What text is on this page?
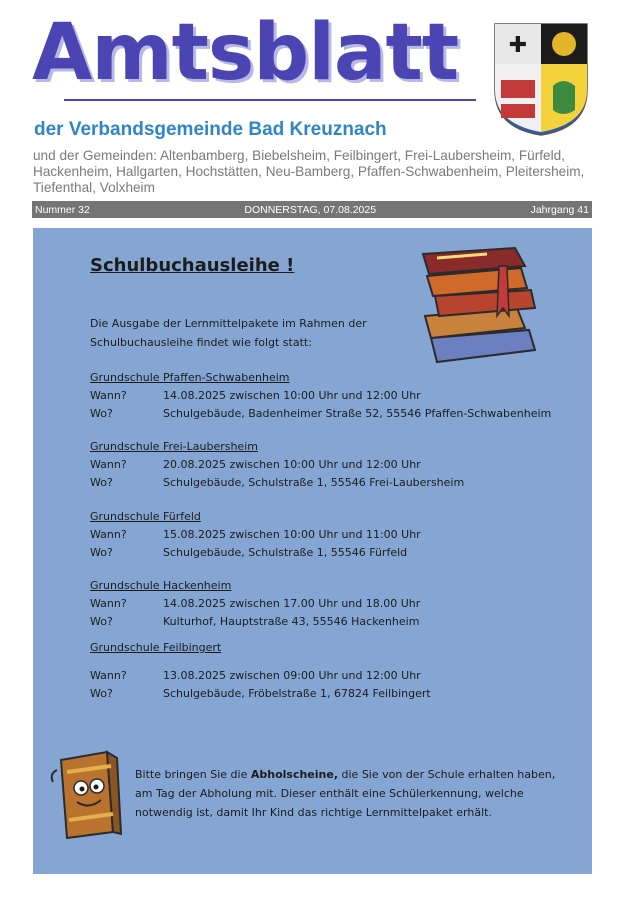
Amtsblatt
der Verbandsgemeinde Bad Kreuznach
und der Gemeinden: Altenbamberg, Biebelsheim, Feilbingert, Frei-Laubersheim, Fürfeld, Hackenheim, Hallgarten, Hochstätten, Neu-Bamberg, Pfaffen-Schwabenheim, Pleitersheim, Tiefenthal, Volxheim
✚
Nummer 32	DONNERSTAG, 07.08.2025	Jahrgang 41
Schulbuchausleihe !
Die Ausgabe der Lernmittelpakete im Rahmen der Schulbuchausleihe findet wie folgt statt:
Grundschule Pfaffen-Schwabenheim
Wann?	14.08.2025 zwischen 10:00 Uhr und 12:00 Uhr
Wo?	Schulgebäude, Badenheimer Straße 52, 55546 Pfaffen-Schwabenheim
Grundschule Frei-Laubersheim
Wann?	20.08.2025 zwischen 10:00 Uhr und 12:00 Uhr
Wo?	Schulgebäude, Schulstraße 1, 55546 Frei-Laubersheim
Grundschule Fürfeld
Wann?	15.08.2025 zwischen 10:00 Uhr und 11:00 Uhr
Wo?	Schulgebäude, Schulstraße 1, 55546 Fürfeld
Grundschule Hackenheim
Wann?	14.08.2025 zwischen 17.00 Uhr und 18.00 Uhr
Wo?	Kulturhof, Hauptstraße 43, 55546 Hackenheim
Grundschule Feilbingert
Wann?	13.08.2025 zwischen 09:00 Uhr und 12:00 Uhr
Wo?	Schulgebäude, Fröbelstraße 1, 67824 Feilbingert
Bitte bringen Sie die Abholscheine, die Sie von der Schule erhalten haben, am Tag der Abholung mit. Dieser enthält eine Schülerkennung, welche notwendig ist, damit Ihr Kind das richtige Lernmittelpaket erhält.
